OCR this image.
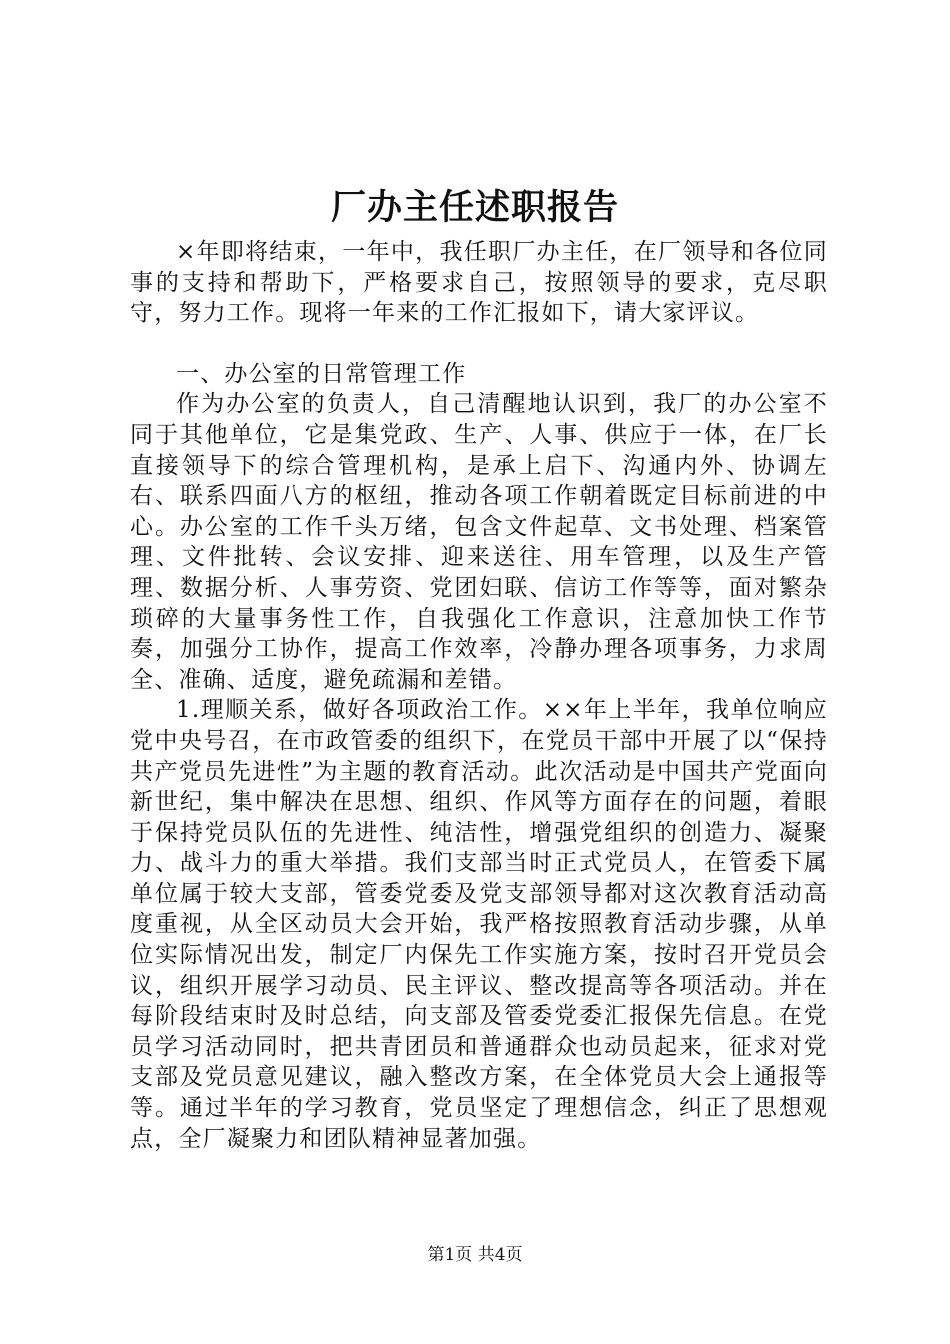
厂办主任述职报告

×年即将结束，一年中，我任职厂办主任，在厂领导和各位同事的支持和帮助下，严格要求自己，按照领导的要求，克尽职守，努力工作。现将一年来的工作汇报如下，请大家评议。

一、办公室的日常管理工作

作为办公室的负责人，自己清醒地认识到，我厂的办公室不同于其他单位，它是集党政、生产、人事、供应于一体，在厂长直接领导下的综合管理机构，是承上启下、沟通内外、协调左右、联系四面八方的枢纽，推动各项工作朝着既定目标前进的中心。办公室的工作千头万绪，包含文件起草、文书处理、档案管理、文件批转、会议安排、迎来送往、用车管理，以及生产管理、数据分析、人事劳资、党团妇联、信访工作等等，面对繁杂琐碎的大量事务性工作，自我强化工作意识，注意加快工作节奏，加强分工协作，提高工作效率，冷静办理各项事务，力求周全、准确、适度，避免疏漏和差错。

1.理顺关系，做好各项政治工作。××年上半年，我单位响应党中央号召，在市政管委的组织下，在党员干部中开展了以“保持共产党员先进性”为主题的教育活动。此次活动是中国共产党面向新世纪，集中解决在思想、组织、作风等方面存在的问题，着眼于保持党员队伍的先进性、纯洁性，增强党组织的创造力、凝聚力、战斗力的重大举措。我们支部当时正式党员人，在管委下属单位属于较大支部，管委党委及党支部领导都对这次教育活动高度重视，从全区动员大会开始，我严格按照教育活动步骤，从单位实际情况出发，制定厂内保先工作实施方案，按时召开党员会议，组织开展学习动员、民主评议、整改提高等各项活动。并在每阶段结束时及时总结，向支部及管委党委汇报保先信息。在党员学习活动同时，把共青团员和普通群众也动员起来，征求对党支部及党员意见建议，融入整改方案，在全体党员大会上通报等等。通过半年的学习教育，党员坚定了理想信念，纠正了思想观点，全厂凝聚力和团队精神显著加强。

第1页 共4页
